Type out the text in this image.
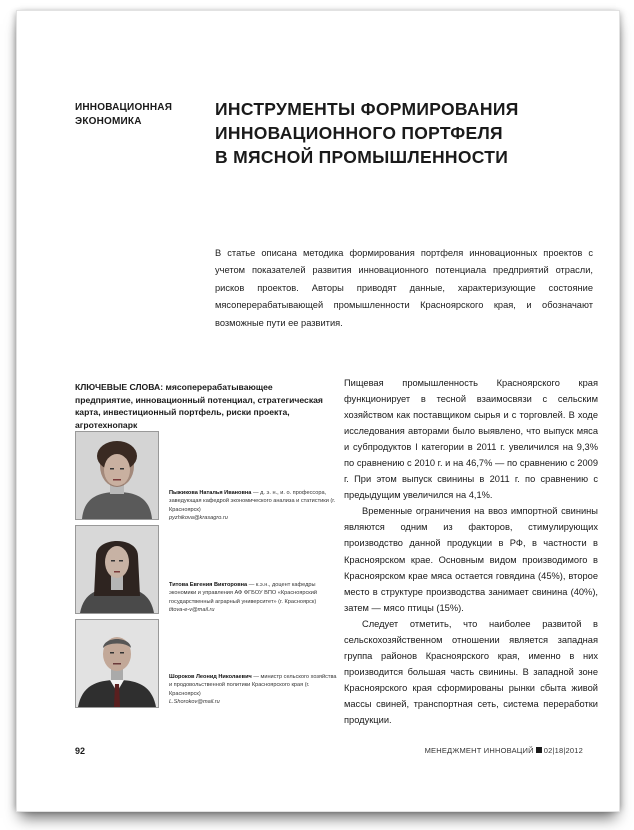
ИННОВАЦИОННАЯ
ЭКОНОМИКА
ИНСТРУМЕНТЫ ФОРМИРОВАНИЯ
ИННОВАЦИОННОГО ПОРТФЕЛЯ
В МЯСНОЙ ПРОМЫШЛЕННОСТИ
В статье описана методика формирования портфеля инновационных проектов с учетом показателей развития инновационного потенциала предприятий отрасли, рисков проектов. Авторы приводят данные, характеризующие состояние мясоперерабатывающей промышленности Красноярского края, и обозначают возможные пути ее развития.
КЛЮЧЕВЫЕ СЛОВА: мясоперерабатывающее предприятие, инновационный потенциал, стратегическая карта, инвестиционный портфель, риски проекта, агротехнопарк
Пыжикова Наталья Ивановна — д. э. н., и. о. профессора, заведующая кафедрой экономического анализа и статистики (г. Красноярск)
pyzhikova@krasagro.ru
Титова Евгения Викторовна — к.э.н., доцент кафедры экономики и управления АФ ФГБОУ ВПО «Красноярский государственный аграрный университет» (г. Красноярск)
titova-e-v@mail.ru
Шороков Леонид Николаевич — министр сельского хозяйства и продовольственной политики Красноярского края (г. Красноярск)
L.Shorokov@mail.ru

Пищевая промышленность Красноярского края функционирует в тесной взаимосвязи с сельским хозяйством как поставщиком сырья и с торговлей. В ходе исследования авторами было выявлено, что выпуск мяса и субпродуктов I категории в 2011 г. увеличился на 9,3% по сравнению с 2010 г. и на 46,7% — по сравнению с 2009 г. При этом выпуск свинины в 2011 г. по сравнению с предыдущим увеличился на 4,1%.

Временные ограничения на ввоз импортной свинины являются одним из факторов, стимулирующих производство данной продукции в РФ, в частности в Красноярском крае. Основным видом производимого в Красноярском крае мяса остается говядина (45%), второе место в структуре производства занимает свинина (40%), затем — мясо птицы (15%).

Следует отметить, что наиболее развитой в сельскохозяйственном отношении является западная группа районов Красноярского края, именно в них производится большая часть свинины. В западной зоне Красноярского края сформированы рынки сбыта живой массы свиней, транспортная сеть, система переработки продукции.

92	МЕНЕДЖМЕНТ ИННОВАЦИЙ 02|18|2012
